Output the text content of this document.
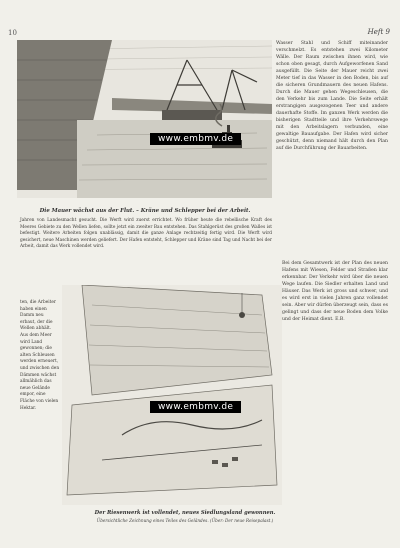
10	Heft 9
Die Mauer wächst aus der Flut. – Kräne und Schlepper bei der Arbeit.

Wasser Stahl und Schiff miteinander verschmelzt. Es entstehen zwei Kilometer Wälle. Der Raum zwischen ihnen wird, wie schon oben gesagt, durch Aufgeworfenen Sand ausgefüllt. Die Seite der Mauer reicht zwei Meter tief in das Wasser in den Boden, bis auf die sicheren Grundmauern des neuen Hafens. Durch die Mauer gehen Wegeschleusen, die den Verkehr bis zum Lande. Die Seite erhält erstrangigen ausgezogenen Teer und andere dauerhafte Stoffe. Im ganzen Werk werden die bisherigen Stadtteile und ihre Verkehrswege mit den Arbeitslagern verbunden, eine gewaltige Bauaufgabe. Der Hafen wird sicher geschützt, denn niemand hält durch den Plan auf die Durchführung der Bauarbeiten.

Jahren von Landesmacht gesucht. Die Werft wird zuerst errichtet. Wo früher heute die rebellische Kraft des Meeres Gebiete zu den Wellen liefen, sollte jetzt ein zweiter Bau entstehen. Das Stahlgerüst des großen Walles ist befestigt. Weitere Arbeiten folgen unablässig, damit die ganze Anlage rechtzeitig fertig wird. Die Werft wird gesichert, neue Maschinen werden geliefert. Der Hafen entsteht, Schlepper und Kräne sind Tag und Nacht bei der Arbeit, damit das Werk vollendet wird.

ten, die Arbeiter haben einen Damm neu erbaut, der die Wellen abhält. Aus dem Meer wird Land gewonnen; die alten Schleusen werden erneuert, und zwischen den Dämmen wächst allmählich das neue Gelände empor, eine Fläche von vielen Hektar.

Bei dem Gesamtwerk ist der Plan des neuen Hafens mit Wiesen, Felder und Straßen klar erkennbar. Der Verkehr wird über die neuen Wege laufen. Die Siedler erhalten Land und Häuser. Das Werk ist gross und schwer, und es wird erst in vielen Jahren ganz vollendet sein. Aber wir dürfen überzeugt sein, dass es gelingt und dass der neue Boden dem Volke und der Heimat dient. E.B.

Der Riesenwerk ist vollendet, neues Siedlungsland gewonnen.
Übersichtliche Zeichnung eines Teiles des Geländes. (Über: Der neue Reisepalast.)
www.embmv.de
www.embmv.de
